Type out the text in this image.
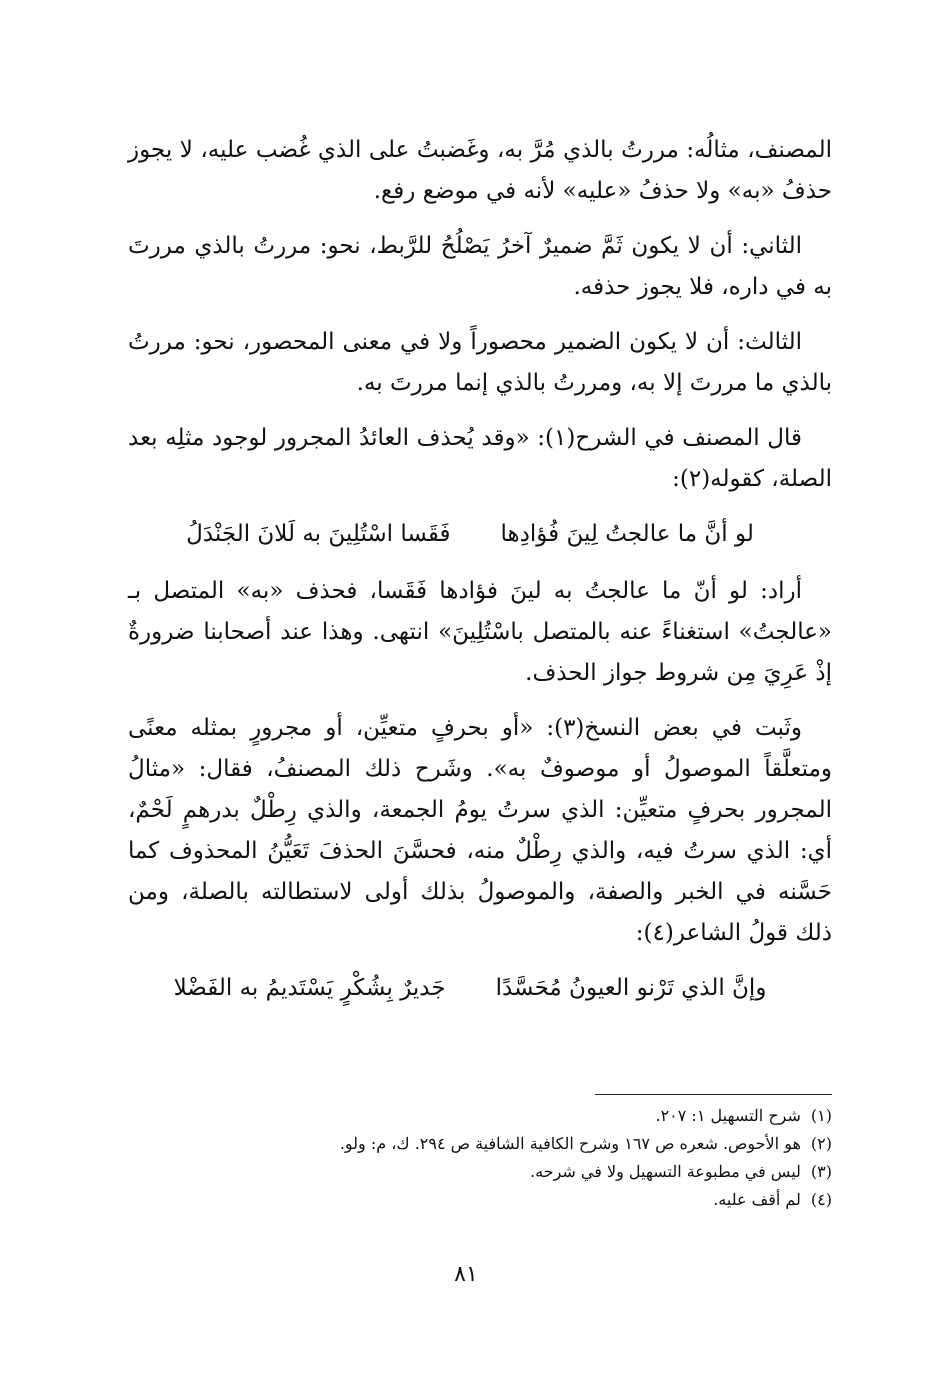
المصنف، مثالُه: مررتُ بالذي مُرَّ به، وغَضبتُ على الذي غُضب عليه، لا يجوز حذفُ «به» ولا حذفُ «عليه» لأنه في موضع رفع.

الثاني: أن لا يكون ثَمَّ ضميرٌ آخرُ يَصْلُحُ للرَّبط، نحو: مررتُ بالذي مررتَ به في داره، فلا يجوز حذفه.

الثالث: أن لا يكون الضمير محصوراً ولا في معنى المحصور، نحو: مررتُ بالذي ما مررتَ إلا به، ومررتُ بالذي إنما مررتَ به.

قال المصنف في الشرح(١): «وقد يُحذف العائدُ المجرور لوجود مثلِه بعد الصلة، كقوله(٢):

لو أنَّ ما عالجتُ لِينَ فُؤادِها
فَقَسا اسْتُلِينَ به لَلانَ الجَنْدَلُ

أراد: لو أنّ ما عالجتُ به لينَ فؤادها فَقَسا، فحذف «به» المتصل بـ «عالجتُ» استغناءً عنه بالمتصل باسْتُلِينَ» انتهى. وهذا عند أصحابنا ضرورةٌ إذْ عَرِيَ مِن شروط جواز الحذف.

وثَبت في بعض النسخ(٣): «أو بحرفٍ متعيِّن، أو مجرورٍ بمثله معنًى ومتعلَّقاً الموصولُ أو موصوفٌ به». وشَرح ذلك المصنفُ، فقال: «مثالُ المجرور بحرفٍ متعيِّن: الذي سرتُ يومُ الجمعة، والذي رِطْلٌ بدرهمٍ لَحْمٌ، أي: الذي سرتُ فيه، والذي رِطْلٌ منه، فحسَّنَ الحذفَ تَعَيُّنُ المحذوف كما حَسَّنه في الخبر والصفة، والموصولُ بذلك أولى لاستطالته بالصلة، ومن ذلك قولُ الشاعر(٤):

وإنَّ الذي تَرْنو العيونُ مُحَسَّدًا
جَديرٌ بِشُكْرٍ يَسْتَديمُ به الفَضْلا
(١)
شرح التسهيل ١: ٢٠٧.
(٢)
هو الأحوص. شعره ص ١٦٧ وشرح الكافية الشافية ص ٢٩٤. ك، م: ولو.
(٣)
ليس في مطبوعة التسهيل ولا في شرحه.
(٤)
لم أقف عليه.
٨١
